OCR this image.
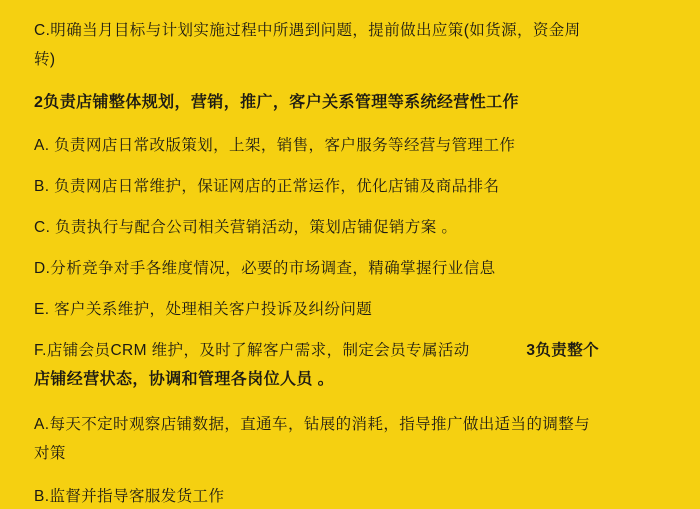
C.明确当月目标与计划实施过程中所遇到问题，提前做出应策(如货源，资金周

转)

2负责店铺整体规划，营销，推广，客户关系管理等系统经营性工作

A. 负责网店日常改版策划，上架，销售，客户服务等经营与管理工作

B. 负责网店日常维护，保证网店的正常运作，优化店铺及商品排名

C. 负责执行与配合公司相关营销活动，策划店铺促销方案 。

D.分析竞争对手各维度情况，必要的市场调查，精确掌握行业信息

E. 客户关系维护，处理相关客户投诉及纠纷问题

F.店铺会员CRM 维护，及时了解客户需求，制定会员专属活动	3负责整个

店铺经营状态，协调和管理各岗位人员 。

A.每天不定时观察店铺数据，直通车，钻展的消耗，指导推广做出适当的调整与

对策

B.监督并指导客服发货工作
